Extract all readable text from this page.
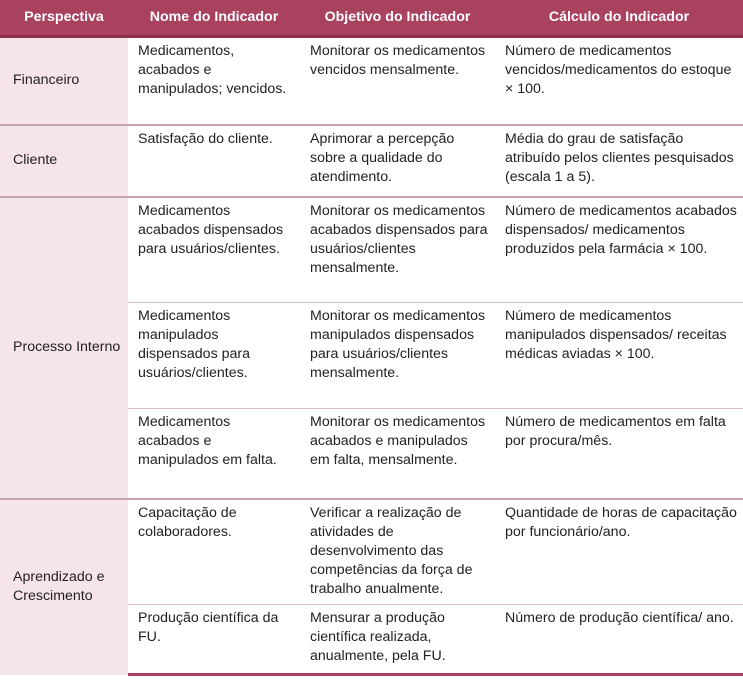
Perspectiva	Nome do Indicador	Objetivo do Indicador	Cálculo do Indicador
Financeiro	Medicamentos, acabados e manipulados; vencidos.	Monitorar os medicamentos vencidos mensalmente.	Número de medicamentos vencidos/medicamentos do estoque × 100.
Cliente	Satisfação do cliente.	Aprimorar a percepção sobre a qualidade do atendimento.	Média do grau de satisfação atribuído pelos clientes pesquisados (escala 1 a 5).
Processo Interno	Medicamentos acabados dispensados para usuários/clientes.	Monitorar os medicamentos acabados dispensados para usuários/clientes mensalmente.	Número de medicamentos acabados dispensados/ medicamentos produzidos pela farmácia × 100.
	Medicamentos manipulados dispensados para usuários/clientes.	Monitorar os medicamentos manipulados dispensados para usuários/clientes mensalmente.	Número de medicamentos manipulados dispensados/ receitas médicas aviadas × 100.
	Medicamentos acabados e manipulados em falta.	Monitorar os medicamentos acabados e manipulados em falta, mensalmente.	Número de medicamentos em falta por procura/mês.
Aprendizado e Crescimento	Capacitação de colaboradores.	Verificar a realização de atividades de desenvolvimento das competências da força de trabalho anualmente.	Quantidade de horas de capacitação por funcionário/ano.
	Produção científica da FU.	Mensurar a produção científica realizada, anualmente, pela FU.	Número de produção científica/ ano.
